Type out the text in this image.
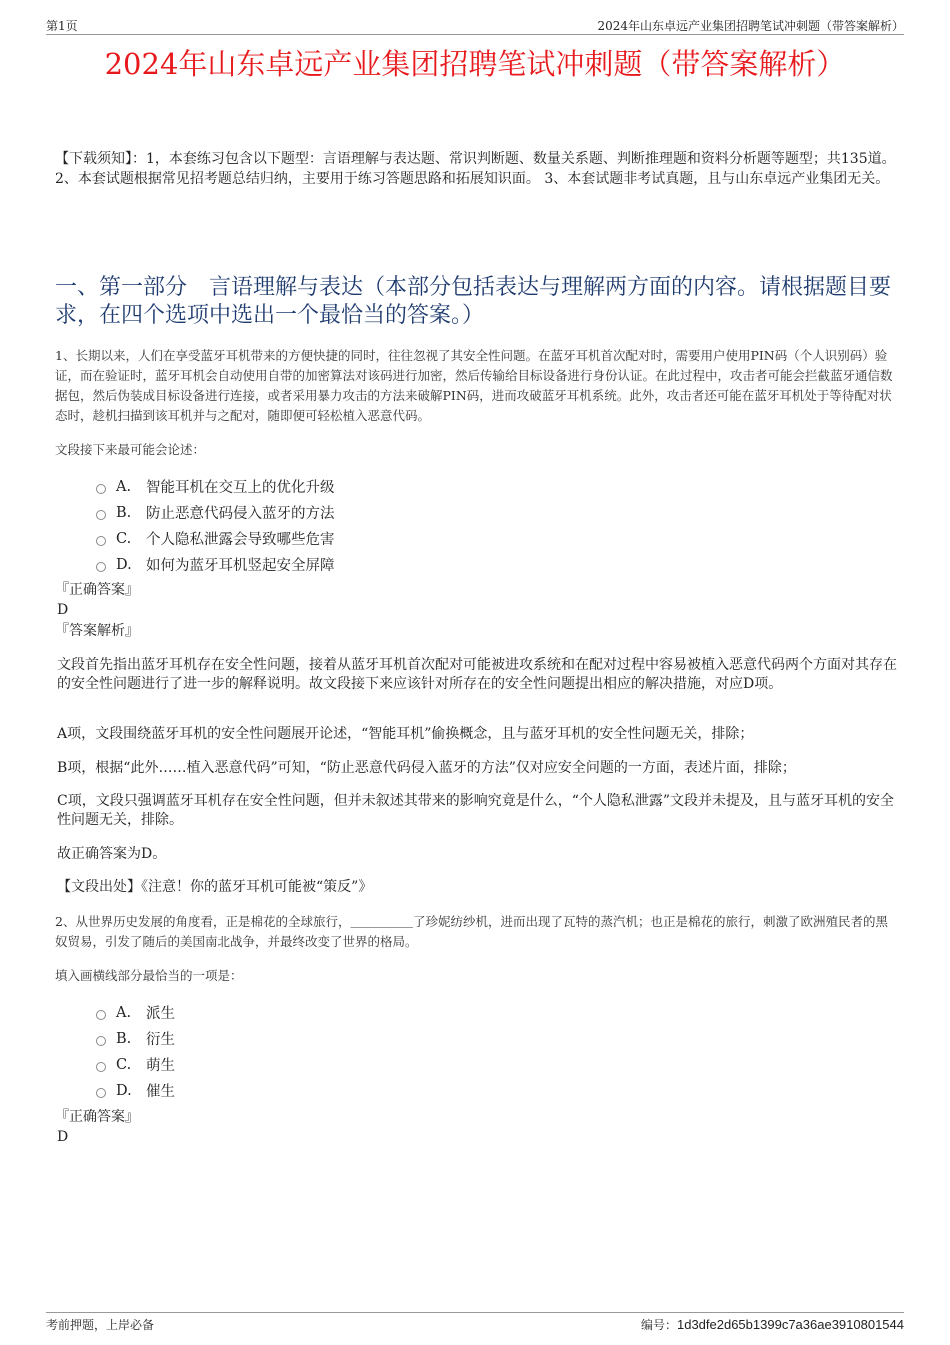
第1页	2024年山东卓远产业集团招聘笔试冲刺题（带答案解析）
2024年山东卓远产业集团招聘笔试冲刺题（带答案解析）
【下载须知】：1，本套练习包含以下题型：言语理解与表达题、常识判断题、数量关系题、判断推理题和资料分析题等题型；共135道。 2、本套试题根据常见招考题总结归纳，主要用于练习答题思路和拓展知识面。 3、本套试题非考试真题，且与山东卓远产业集团无关。
一、第一部分　言语理解与表达（本部分包括表达与理解两方面的内容。请根据题目要求，在四个选项中选出一个最恰当的答案。）
1、长期以来，人们在享受蓝牙耳机带来的方便快捷的同时，往往忽视了其安全性问题。在蓝牙耳机首次配对时，需要用户使用PIN码（个人识别码）验证，而在验证时，蓝牙耳机会自动使用自带的加密算法对该码进行加密，然后传输给目标设备进行身份认证。在此过程中，攻击者可能会拦截蓝牙通信数据包，然后伪装成目标设备进行连接，或者采用暴力攻击的方法来破解PIN码，进而攻破蓝牙耳机系统。此外，攻击者还可能在蓝牙耳机处于等待配对状态时，趁机扫描到该耳机并与之配对，随即便可轻松植入恶意代码。
文段接下来最可能会论述：
A.	智能耳机在交互上的优化升级
B.	防止恶意代码侵入蓝牙的方法
C.	个人隐私泄露会导致哪些危害
D. 如何为蓝牙耳机竖起安全屏障
『正确答案』
D
『答案解析』
文段首先指出蓝牙耳机存在安全性问题，接着从蓝牙耳机首次配对可能被进攻系统和在配对过程中容易被植入恶意代码两个方面对其存在的安全性问题进行了进一步的解释说明。故文段接下来应该针对所存在的安全性问题提出相应的解决措施，对应D项。
A项，文段围绕蓝牙耳机的安全性问题展开论述，“智能耳机”偷换概念，且与蓝牙耳机的安全性问题无关，排除；
B项，根据“此外……植入恶意代码”可知，“防止恶意代码侵入蓝牙的方法”仅对应安全问题的一方面，表述片面，排除；
C项，文段只强调蓝牙耳机存在安全性问题，但并未叙述其带来的影响究竟是什么，“个人隐私泄露”文段并未提及，且与蓝牙耳机的安全性问题无关，排除。
故正确答案为D。
【文段出处】《注意！你的蓝牙耳机可能被“策反”》
2、从世界历史发展的角度看，正是棉花的全球旅行，＿＿＿＿＿了珍妮纺纱机，进而出现了瓦特的蒸汽机；也正是棉花的旅行，刺激了欧洲殖民者的黑奴贸易，引发了随后的美国南北战争，并最终改变了世界的格局。
填入画横线部分最恰当的一项是：
A.	派生
B.	衍生
C.	萌生
D. 催生
『正确答案』
D
考前押题，上岸必备	编号：1d3dfe2d65b1399c7a36ae3910801544
